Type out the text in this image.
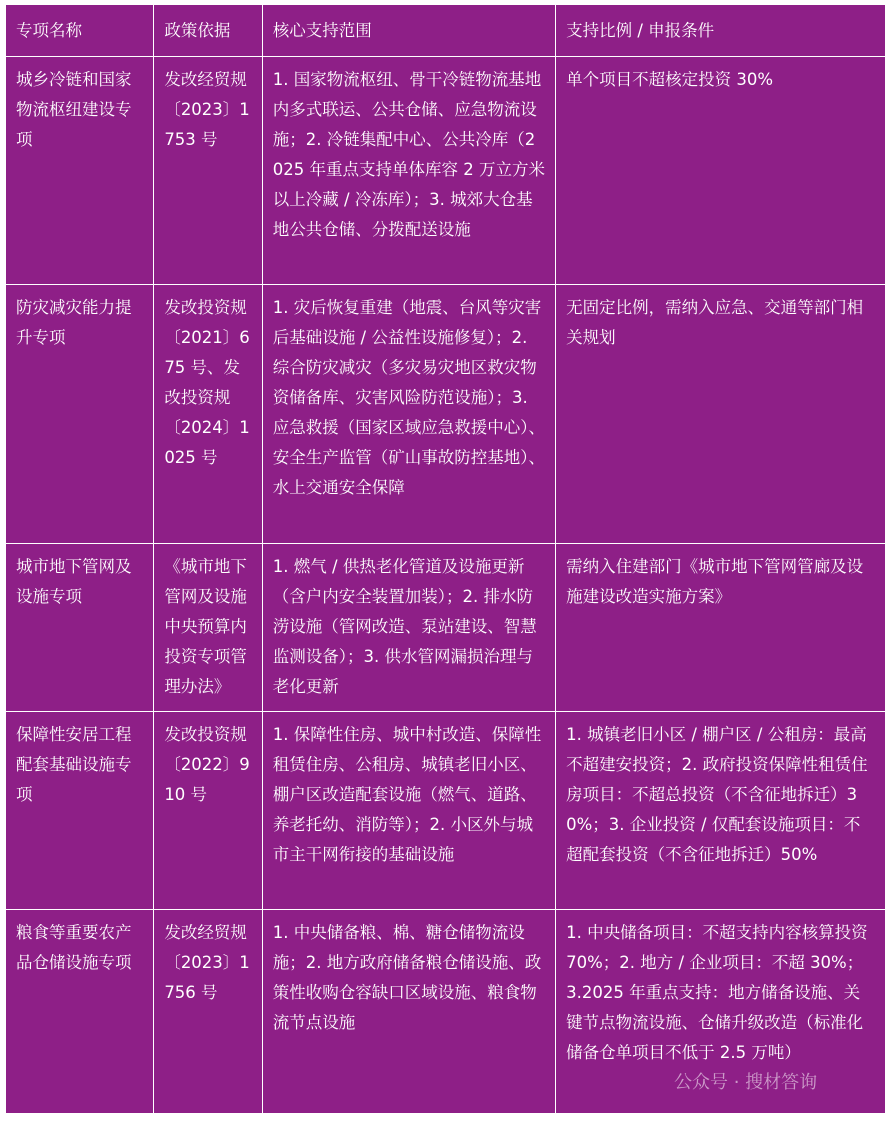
专项名称	政策依据	核心支持范围	支持比例 / 申报条件
城乡冷链和国家物流枢纽建设专项	发改经贸规〔2023〕1753 号	1. 国家物流枢纽、骨干冷链物流基地内多式联运、公共仓储、应急物流设施；2. 冷链集配中心、公共冷库（2025 年重点支持单体库容 2 万立方米以上冷藏 / 冷冻库）；3. 城郊大仓基地公共仓储、分拨配送设施	单个项目不超核定投资 30%
防灾减灾能力提升专项	发改投资规〔2021〕675 号、发改投资规〔2024〕1025 号	1. 灾后恢复重建（地震、台风等灾害后基础设施 / 公益性设施修复）；2. 综合防灾减灾（多灾易灾地区救灾物资储备库、灾害风险防范设施）；3. 应急救援（国家区域应急救援中心）、安全生产监管（矿山事故防控基地）、水上交通安全保障	无固定比例，需纳入应急、交通等部门相关规划
城市地下管网及设施专项	《城市地下管网及设施中央预算内投资专项管理办法》	1. 燃气 / 供热老化管道及设施更新（含户内安全装置加装）；2. 排水防涝设施（管网改造、泵站建设、智慧监测设备）；3. 供水管网漏损治理与老化更新	需纳入住建部门《城市地下管网管廊及设施建设改造实施方案》
保障性安居工程配套基础设施专项	发改投资规〔2022〕910 号	1. 保障性住房、城中村改造、保障性租赁住房、公租房、城镇老旧小区、棚户区改造配套设施（燃气、道路、养老托幼、消防等）；2. 小区外与城市主干网衔接的基础设施	1. 城镇老旧小区 / 棚户区 / 公租房：最高不超建安投资；2. 政府投资保障性租赁住房项目：不超总投资（不含征地拆迁）30%；3. 企业投资 / 仅配套设施项目：不超配套投资（不含征地拆迁）50%
粮食等重要农产品仓储设施专项	发改经贸规〔2023〕1756 号	1. 中央储备粮、棉、糖仓储物流设施；2. 地方政府储备粮仓储设施、政策性收购仓容缺口区域设施、粮食物流节点设施	1. 中央储备项目：不超支持内容核算投资 70%；2. 地方 / 企业项目：不超 30%；3.2025 年重点支持：地方储备设施、关键节点物流设施、仓储升级改造（标准化储备仓单项目不低于 2.5 万吨）
公众号 · 搜材答询
